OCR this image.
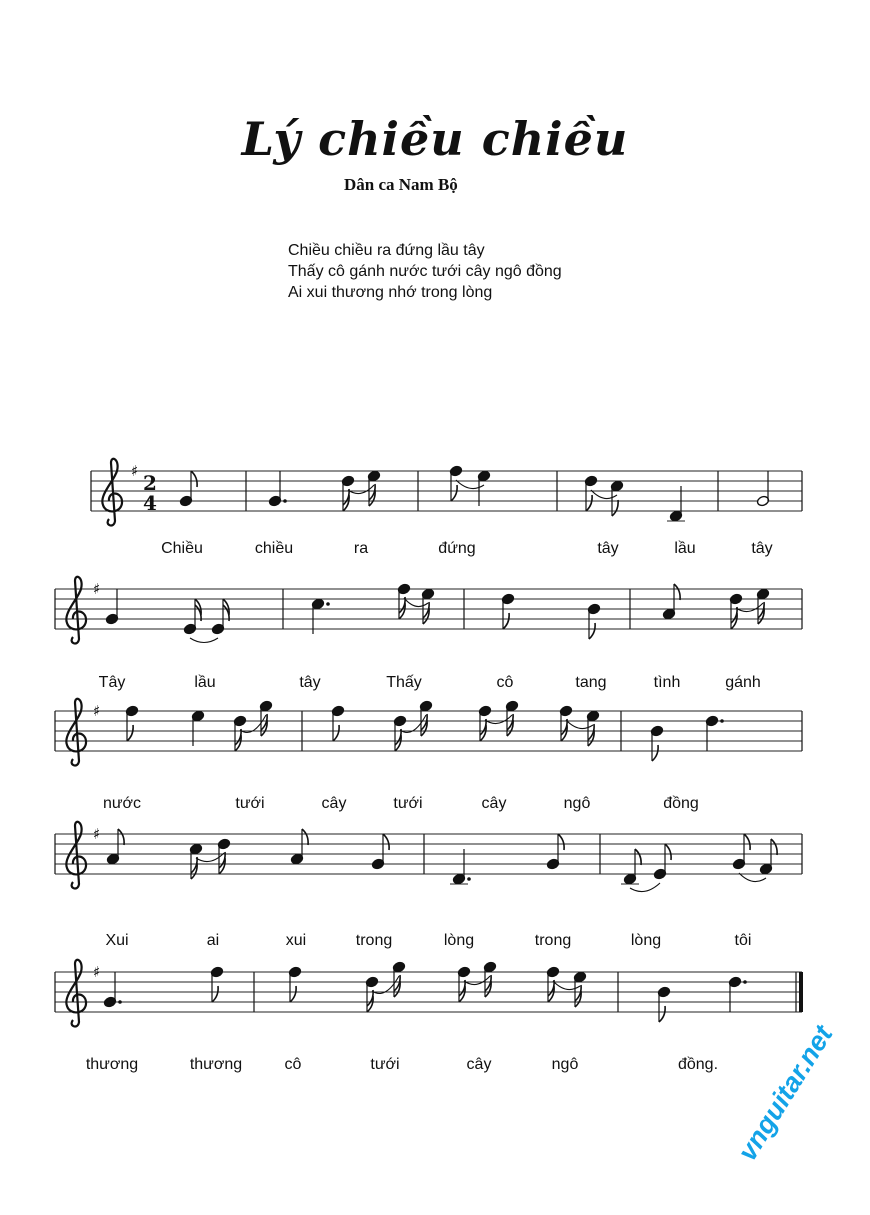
Lý chiều chiều
Dân ca Nam Bộ
Chiều chiều ra đứng lầu tây
Thấy cô gánh nước tưới cây ngô đồng
Ai xui thương nhớ trong lòng
♯ 2
4
♯
♯
♯
♯
Chiều	chiều	ra	đứng	tây	lầu	tây
Tây	lầu	tây	Thấy	cô	tang	tình	gánh
nước	tưới	cây	tưới	cây	ngô	đồng
Xui	ai	xui	trong	lòng	trong	lòng	tôi
thương	thương	cô	tưới	cây	ngô	đồng. vnguitar.net
